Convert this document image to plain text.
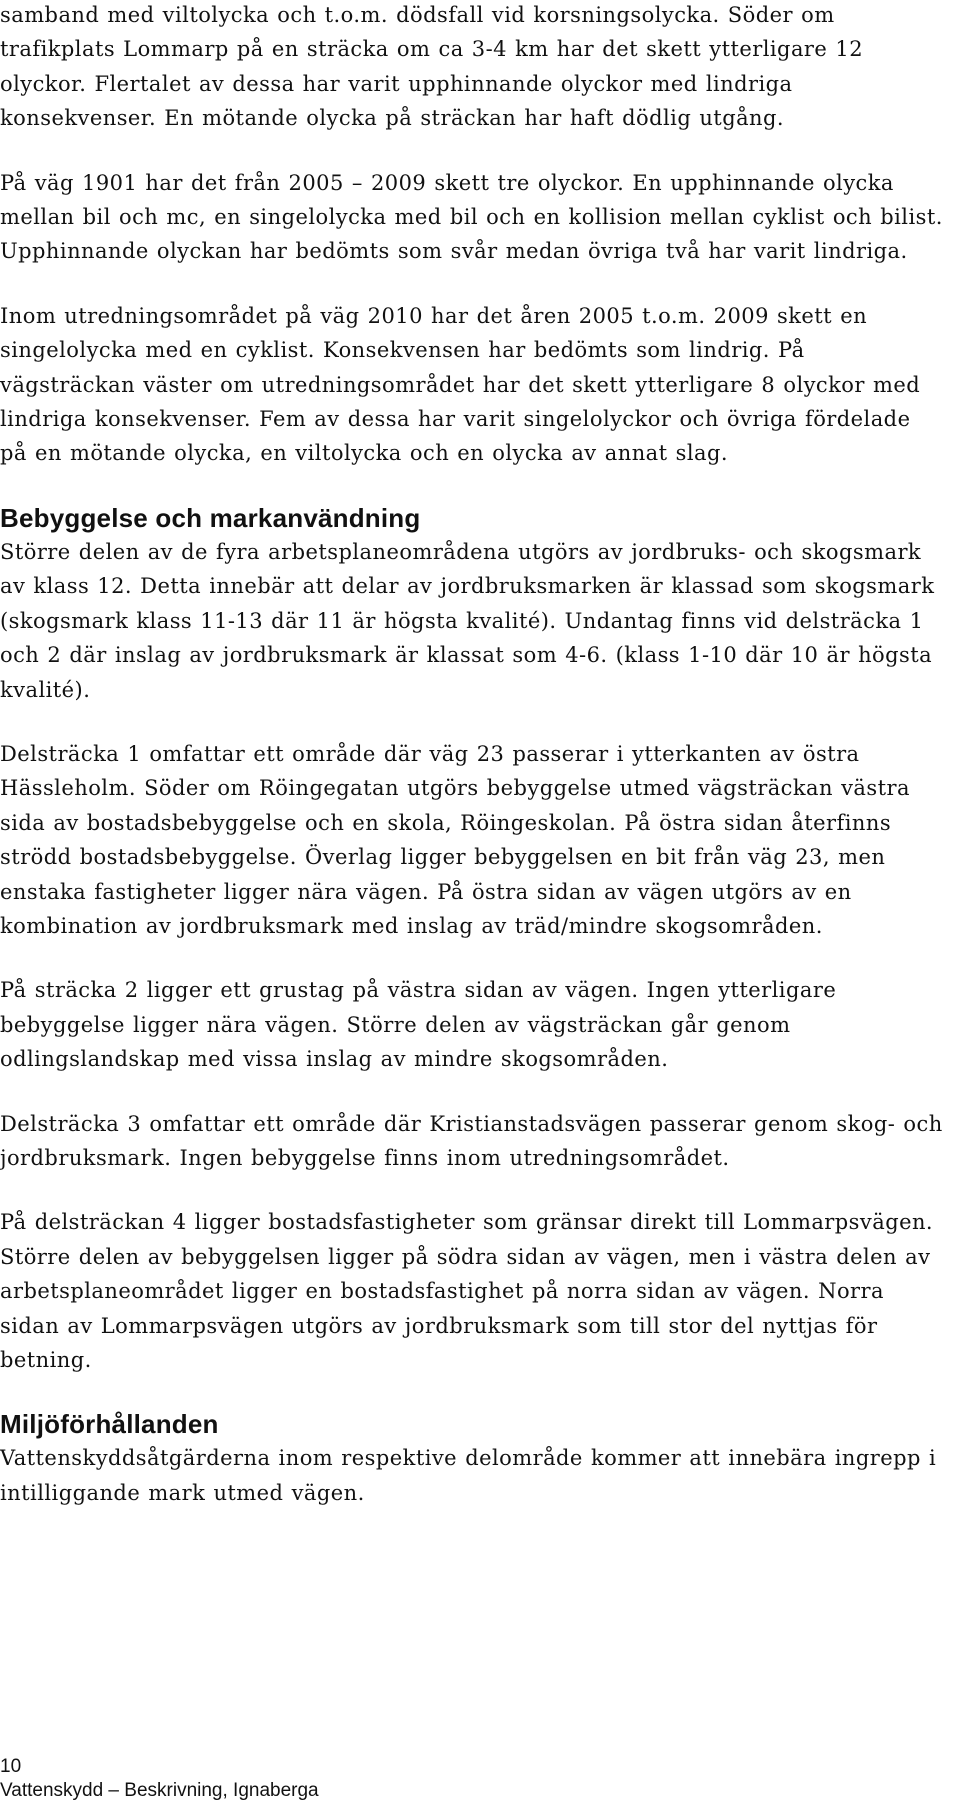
samband med viltolycka och t.o.m. dödsfall vid korsningsolycka. Söder om trafikplats Lommarp på en sträcka om ca 3-4 km har det skett ytterligare 12 olyckor. Flertalet av dessa har varit upphinnande olyckor med lindriga konsekvenser. En mötande olycka på sträckan har haft dödlig utgång.

På väg 1901 har det från 2005 – 2009 skett tre olyckor. En upphinnande olycka mellan bil och mc, en singelolycka med bil och en kollision mellan cyklist och bilist. Upphinnande olyckan har bedömts som svår medan övriga två har varit lindriga.

Inom utredningsområdet på väg 2010 har det åren 2005 t.o.m. 2009 skett en singelolycka med en cyklist. Konsekvensen har bedömts som lindrig. På vägsträckan väster om utredningsområdet har det skett ytterligare 8 olyckor med lindriga konsekvenser. Fem av dessa har varit singelolyckor och övriga fördelade på en mötande olycka, en viltolycka och en olycka av annat slag.

Bebyggelse och markanvändning

Större delen av de fyra arbetsplaneområdena utgörs av jordbruks- och skogsmark av klass 12. Detta innebär att delar av jordbruksmarken är klassad som skogsmark (skogsmark klass 11-13 där 11 är högsta kvalité). Undantag finns vid delsträcka 1 och 2 där inslag av jordbruksmark är klassat som 4-6. (klass 1-10 där 10 är högsta kvalité).

Delsträcka 1 omfattar ett område där väg 23 passerar i ytterkanten av östra Hässleholm. Söder om Röingegatan utgörs bebyggelse utmed vägsträckan västra sida av bostadsbebyggelse och en skola, Röingeskolan. På östra sidan återfinns strödd bostadsbebyggelse. Överlag ligger bebyggelsen en bit från väg 23, men enstaka fastigheter ligger nära vägen. På östra sidan av vägen utgörs av en kombination av jordbruksmark med inslag av träd/mindre skogsområden.

På sträcka 2 ligger ett grustag på västra sidan av vägen. Ingen ytterligare bebyggelse ligger nära vägen. Större delen av vägsträckan går genom odlingslandskap med vissa inslag av mindre skogsområden.

Delsträcka 3 omfattar ett område där Kristianstadsvägen passerar genom skog- och jordbruksmark. Ingen bebyggelse finns inom utredningsområdet.

På delsträckan 4 ligger bostadsfastigheter som gränsar direkt till Lommarpsvägen. Större delen av bebyggelsen ligger på södra sidan av vägen, men i västra delen av arbetsplaneområdet ligger en bostadsfastighet på norra sidan av vägen. Norra sidan av Lommarpsvägen utgörs av jordbruksmark som till stor del nyttjas för betning.

Miljöförhållanden

Vattenskyddsåtgärderna inom respektive delområde kommer att innebära ingrepp i intilliggande mark utmed vägen.

10
Vattenskydd – Beskrivning, Ignaberga
